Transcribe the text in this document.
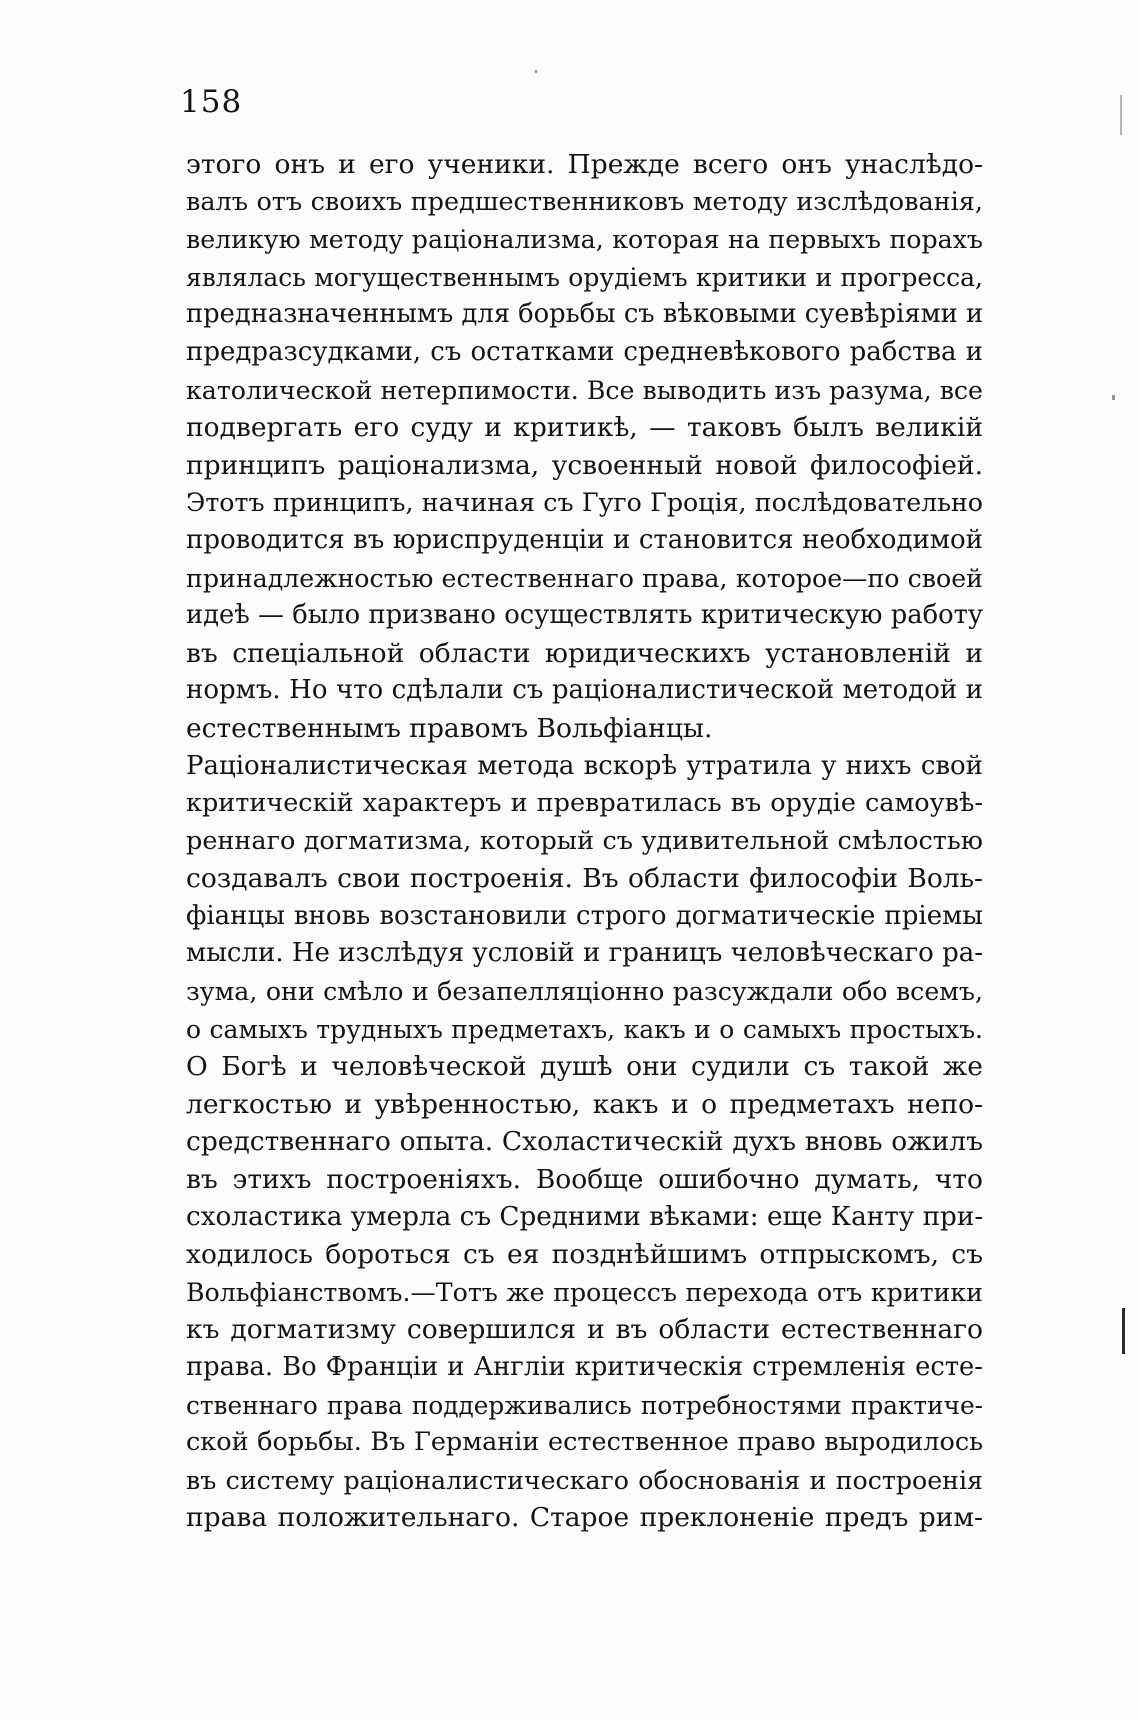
158
этого онъ и его ученики. Прежде всего онъ унаслѣдо-
валъ отъ своихъ предшественниковъ методу изслѣдованія,
великую методу раціонализма, которая на первыхъ порахъ
являлась могущественнымъ орудіемъ критики и прогресса,
предназначеннымъ для борьбы съ вѣковыми суевѣріями и
предразсудками, съ остатками средневѣкового рабства и
католической нетерпимости. Все выводить изъ разума, все
подвергать его суду и критикѣ, — таковъ былъ великій
принципъ раціонализма, усвоенный новой философіей.
Этотъ принципъ, начиная съ Гуго Гроція, послѣдовательно
проводится въ юриспруденціи и становится необходимой
принадлежностью естественнаго права, которое—по своей
идеѣ — было призвано осуществлять критическую работу
въ спеціальной области юридическихъ установленій и
нормъ. Но что сдѣлали съ раціоналистической методой и
естественнымъ правомъ Вольфіанцы.
Раціоналистическая метода вскорѣ утратила у нихъ свой
критическій характеръ и превратилась въ орудіе самоувѣ-
реннаго догматизма, который съ удивительной смѣлостью
создавалъ свои построенія. Въ области философіи Воль-
фіанцы вновь возстановили строго догматическіе пріемы
мысли. Не изслѣдуя условій и границъ человѣческаго ра-
зума, они смѣло и безапелляціонно разсуждали обо всемъ,
о самыхъ трудныхъ предметахъ, какъ и о самыхъ простыхъ.
О Богѣ и человѣческой душѣ они судили съ такой же
легкостью и увѣренностью, какъ и о предметахъ непо-
средственнаго опыта. Схоластическій духъ вновь ожилъ
въ этихъ построеніяхъ. Вообще ошибочно думать, что
схоластика умерла съ Средними вѣками: еще Канту при-
ходилось бороться съ ея позднѣйшимъ отпрыскомъ, съ
Вольфіанствомъ.—Тотъ же процессъ перехода отъ критики
къ догматизму совершился и въ области естественнаго
права. Во Франціи и Англіи критическія стремленія есте-
ственнаго права поддерживались потребностями практиче-
ской борьбы. Въ Германіи естественное право выродилось
въ систему раціоналистическаго обоснованія и построенія
права положительнаго. Старое преклоненіе предъ рим-
